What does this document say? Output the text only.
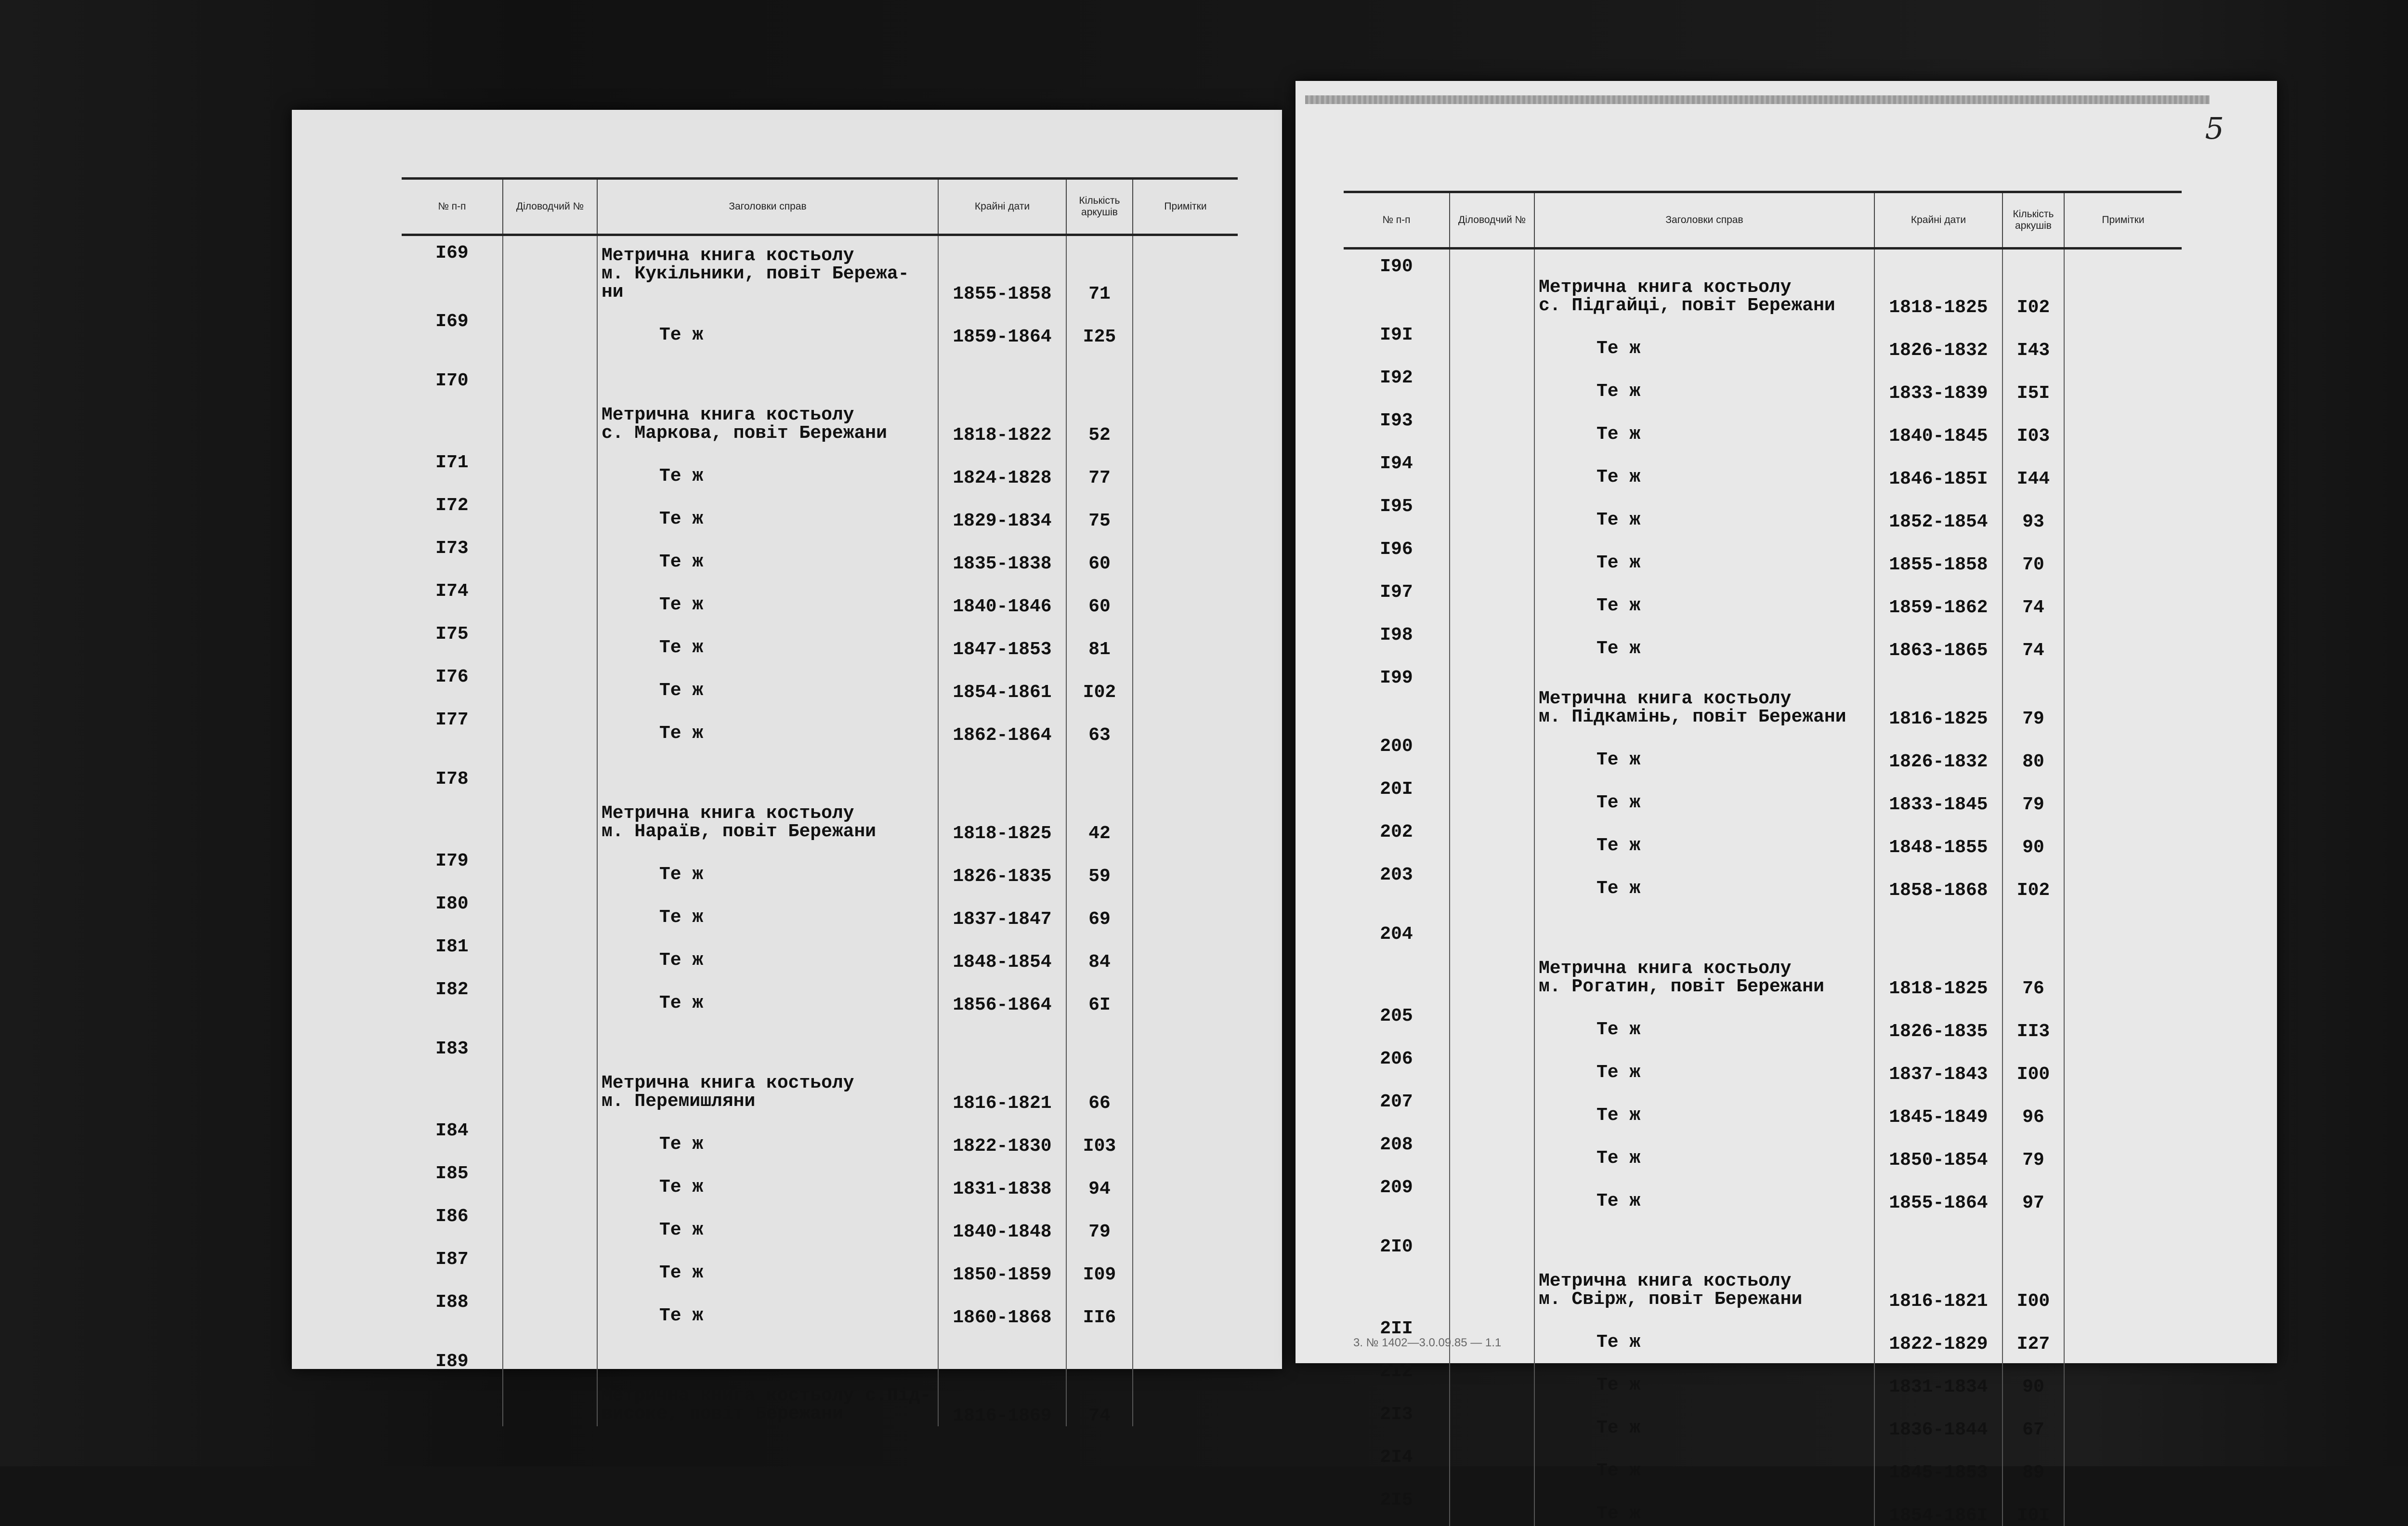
№ п-п	Діловодчий №	Заголовки справ	Крайні дати	Кількість аркушів	Примітки
I69		Метрична книга костьолу
м. Кукільники, повіт Бережа-
ни	1855-1858	71	
I69		Те ж	1859-1864	I25	
I70		Метрична книга костьолу
с. Маркова, повіт Бережани	1818-1822	52	
I71		Те ж	1824-1828	77	
I72		Те ж	1829-1834	75	
I73		Те ж	1835-1838	60	
I74		Те ж	1840-1846	60	
I75		Те ж	1847-1853	81	
I76		Те ж	1854-1861	I02	
I77		Те ж	1862-1864	63	
I78		Метрична книга костьолу
м. Нараїв, повіт Бережани	1818-1825	42	
I79		Те ж	1826-1835	59	
I80		Те ж	1837-1847	69	
I81		Те ж	1848-1854	84	
I82		Те ж	1856-1864	6I	
I83		Метрична книга костьолу
м. Перемишляни	1816-1821	66	
I84		Те ж	1822-1830	I03	
I85		Те ж	1831-1838	94	
I86		Те ж	1840-1848	79	
I87		Те ж	1850-1859	I09	
I88		Те ж	1860-1868	II6	
I89		Метрична книга костьолу с.Під-
високе, повіт Бережани	1816-1869	74	
5
№ п-п	Діловодчий №	Заголовки справ	Крайні дати	Кількість аркушів	Примітки
I90		Метрична книга костьолу
с. Підгайці, повіт Бережани	1818-1825	I02	
I9I		Те ж	1826-1832	I43	
I92		Те ж	1833-1839	I5I	
I93		Те ж	1840-1845	I03	
I94		Те ж	1846-185I	I44	
I95		Те ж	1852-1854	93	
I96		Те ж	1855-1858	70	
I97		Те ж	1859-1862	74	
I98		Те ж	1863-1865	74	
I99		Метрична книга костьолу
м. Підкамінь, повіт Бережани	1816-1825	79	
200		Те ж	1826-1832	80	
20I		Те ж	1833-1845	79	
202		Те ж	1848-1855	90	
203		Те ж	1858-1868	I02	
204		Метрична книга костьолу
м. Рогатин, повіт Бережани	1818-1825	76	
205		Те ж	1826-1835	II3	
206		Те ж	1837-1843	I00	
207		Те ж	1845-1849	96	
208		Те ж	1850-1854	79	
209		Те ж	1855-1864	97	
2I0		Метрична книга костьолу
м. Свірж, повіт Бережани	1816-1821	I00	
2II		Те ж	1822-1829	I27	
2I2		Те ж	1831-1834	90	
2I3		Те ж	1836-1844	67	
2I4		Те ж	1845-1853	89	
2I5		Те ж	1854-186I	I0I	
3. № 1402—3.0.09.85 — 1.1
